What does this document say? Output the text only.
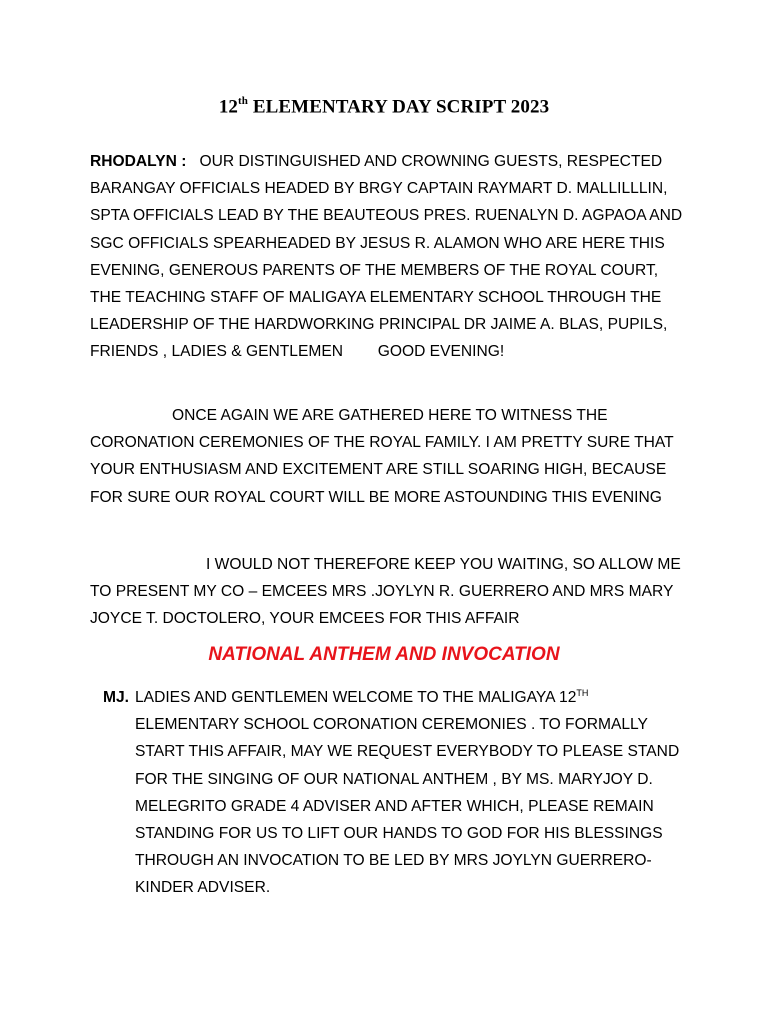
12th ELEMENTARY DAY SCRIPT 2023

RHODALYN : OUR DISTINGUISHED AND CROWNING GUESTS, RESPECTED BARANGAY OFFICIALS HEADED BY BRGY CAPTAIN RAYMART D. MALLILLLIN, SPTA OFFICIALS LEAD BY THE BEAUTEOUS PRES. RUENALYN D. AGPAOA AND SGC OFFICIALS SPEARHEADED BY JESUS R. ALAMON WHO ARE HERE THIS EVENING, GENEROUS PARENTS OF THE MEMBERS OF THE ROYAL COURT, THE TEACHING STAFF OF MALIGAYA ELEMENTARY SCHOOL THROUGH THE LEADERSHIP OF THE HARDWORKING PRINCIPAL DR JAIME A. BLAS, PUPILS, FRIENDS , LADIES & GENTLEMEN GOOD EVENING!

ONCE AGAIN WE ARE GATHERED HERE TO WITNESS THE CORONATION CEREMONIES OF THE ROYAL FAMILY. I AM PRETTY SURE THAT YOUR ENTHUSIASM AND EXCITEMENT ARE STILL SOARING HIGH, BECAUSE FOR SURE OUR ROYAL COURT WILL BE MORE ASTOUNDING THIS EVENING

I WOULD NOT THEREFORE KEEP YOU WAITING, SO ALLOW ME TO PRESENT MY CO – EMCEES MRS .JOYLYN R. GUERRERO AND MRS MARY JOYCE T. DOCTOLERO, YOUR EMCEES FOR THIS AFFAIR

NATIONAL ANTHEM AND INVOCATION
MJ. LADIES AND GENTLEMEN WELCOME TO THE MALIGAYA 12TH ELEMENTARY SCHOOL CORONATION CEREMONIES . TO FORMALLY START THIS AFFAIR, MAY WE REQUEST EVERYBODY TO PLEASE STAND FOR THE SINGING OF OUR NATIONAL ANTHEM , BY MS. MARYJOY D. MELEGRITO GRADE 4 ADVISER AND AFTER WHICH, PLEASE REMAIN STANDING FOR US TO LIFT OUR HANDS TO GOD FOR HIS BLESSINGS THROUGH AN INVOCATION TO BE LED BY MRS JOYLYN GUERRERO-KINDER ADVISER.
